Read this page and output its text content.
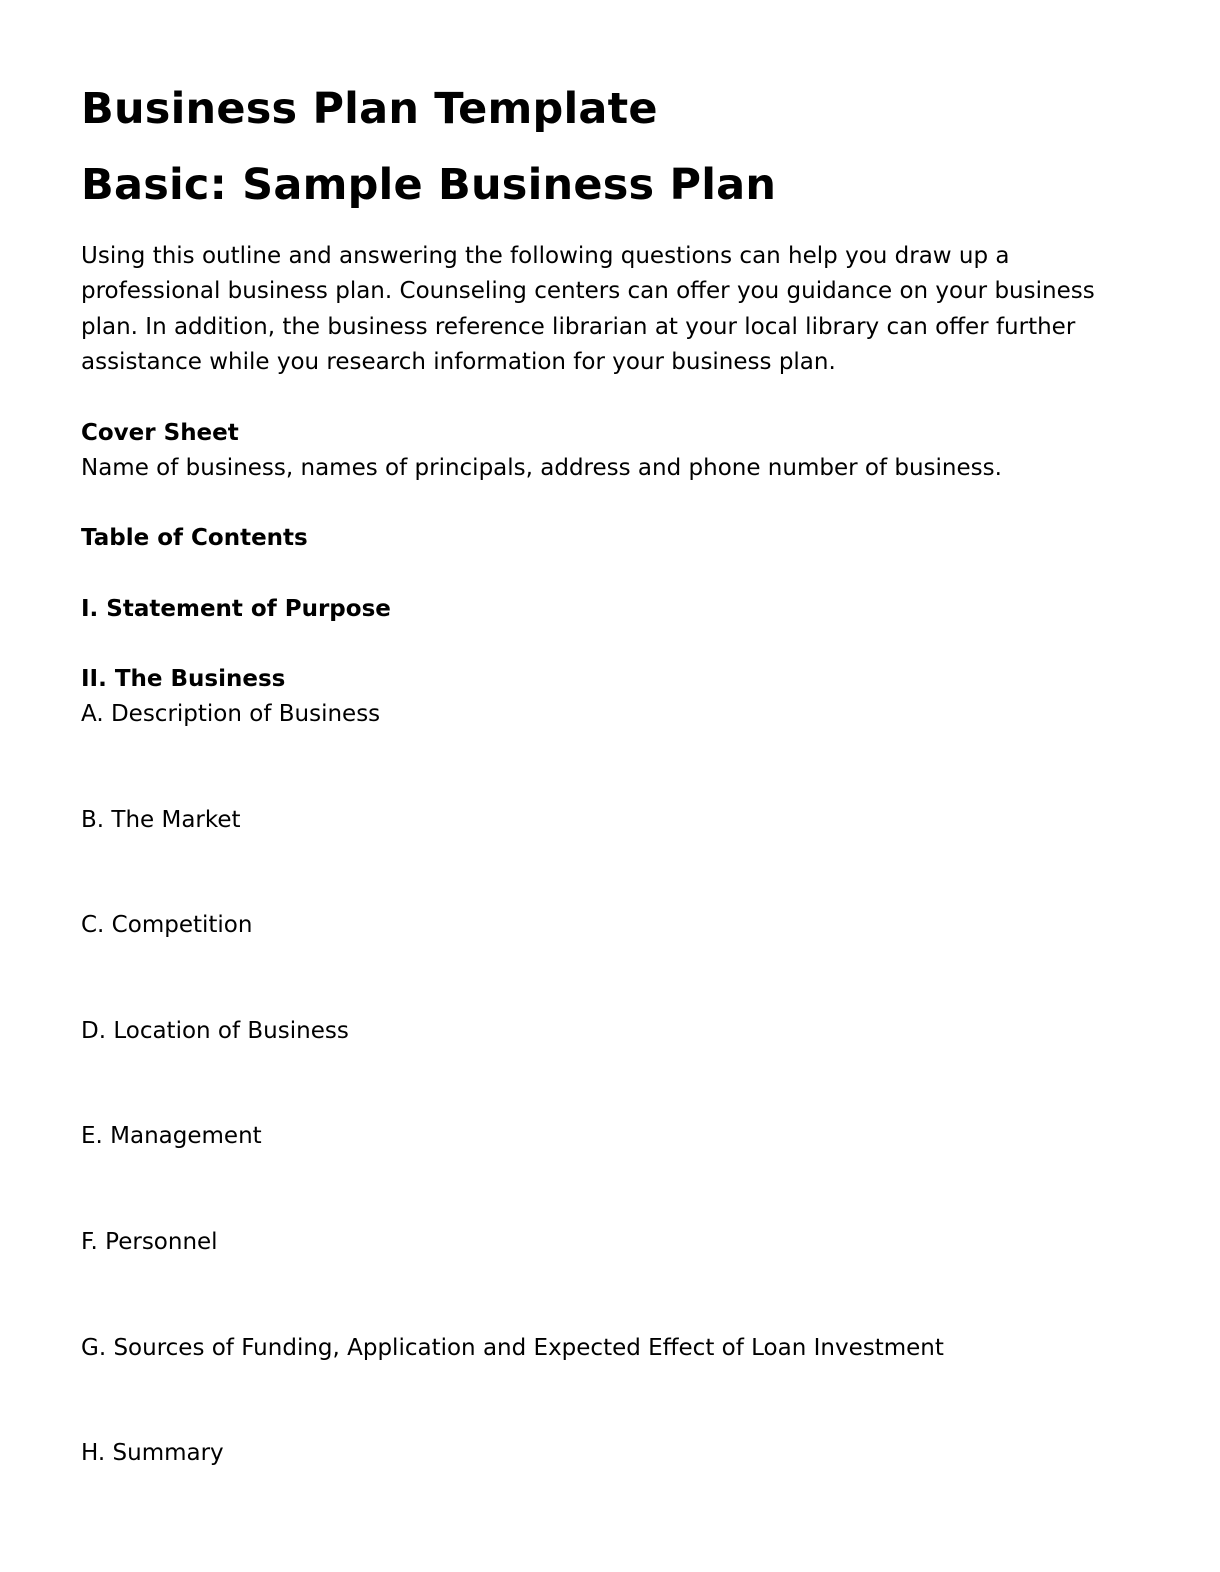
Business Plan Template
Basic: Sample Business Plan
Using this outline and answering the following questions can help you draw up a
professional business plan. Counseling centers can offer you guidance on your business
plan. In addition, the business reference librarian at your local library can offer further
assistance while you research information for your business plan.
Cover Sheet
Name of business, names of principals, address and phone number of business.
Table of Contents
I. Statement of Purpose
II. The Business
A. Description of Business
B. The Market
C. Competition
D. Location of Business
E. Management
F. Personnel
G. Sources of Funding, Application and Expected Effect of Loan Investment
H. Summary
